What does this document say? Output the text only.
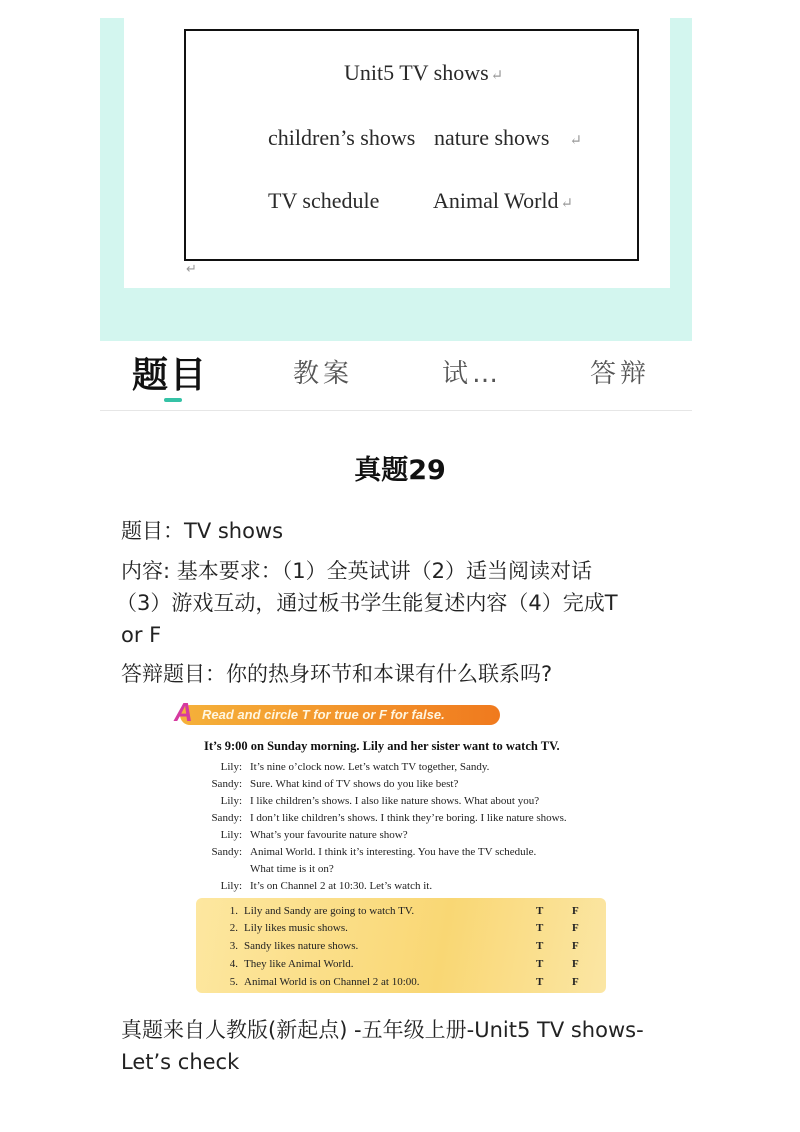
Unit5 TV shows ↵
children’s shows nature shows ↵
TV schedule Animal World ↵
↵
题目	教案	试…	答辩
真题29
题目：TV shows
内容: 基本要求：（1）全英试讲（2）适当阅读对话
（3）游戏互动，通过板书学生能复述内容（4）完成T
or F
答辩题目：你的热身环节和本课有什么联系吗?
A Read and circle T for true or F for false.
It’s 9:00 on Sunday morning. Lily and her sister want to watch TV.
Lily: It’s nine o’clock now. Let’s watch TV together, Sandy.
Sandy: Sure. What kind of TV shows do you like best?
Lily: I like children’s shows. I also like nature shows. What about you?
Sandy: I don’t like children’s shows. I think they’re boring. I like nature shows.
Lily: What’s your favourite nature show?
Sandy: Animal World. I think it’s interesting. You have the TV schedule.
What time is it on?
Lily: It’s on Channel 2 at 10:30. Let’s watch it.
1. Lily and Sandy are going to watch TV.	T	F
2. Lily likes music shows.	T	F
3. Sandy likes nature shows.	T	F
4. They like Animal World.	T	F
5. Animal World is on Channel 2 at 10:00.	T	F
真题来自人教版(新起点) -五年级上册-Unit5 TV shows-
Let’s check
